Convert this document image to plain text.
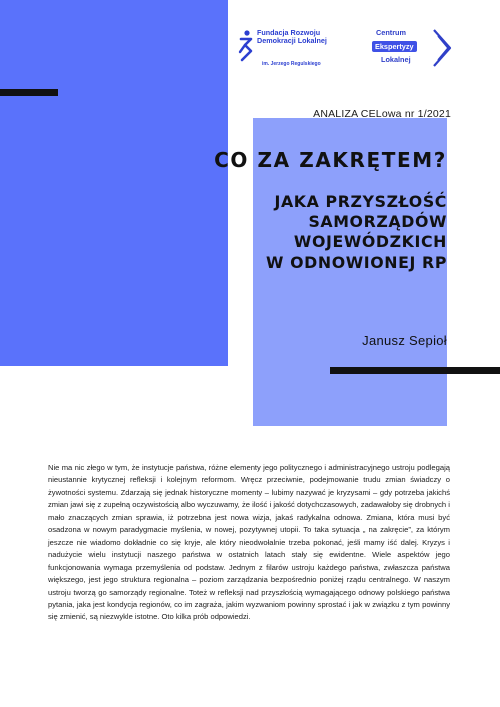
Fundacja Rozwoju
Demokracji Lokalnej
im. Jerzego Regulskiego
Centrum
Ekspertyzy
Lokalnej
ANALIZA CELowa nr 1/2021
CO ZA ZAKRĘTEM?
JAKA PRZYSZŁOŚĆ
SAMORZĄDÓW
WOJEWÓDZKICH
W ODNOWIONEJ RP
Janusz Sepioł
Nie ma nic złego w tym, że instytucje państwa, różne elementy jego politycznego i administracyjnego ustroju podlegają nieustannie krytycznej refleksji i kolejnym reformom. Wręcz przeciwnie, podejmowanie trudu zmian świadczy o żywotności systemu. Zdarzają się jednak historyczne momenty – lubimy nazywać je kryzysami – gdy potrzeba jakichś zmian jawi się z zupełną oczywistością albo wyczuwamy, że ilość i jakość dotychczasowych, zadawałoby się drobnych i mało znaczących zmian sprawia, iż potrzebna jest nowa wizja, jakaś radykalna odnowa. Zmiana, która musi być osadzona w nowym paradygmacie myślenia, w nowej, pozytywnej utopii. To taka sytuacja „ na zakręcie”, za którym jeszcze nie wiadomo dokładnie co się kryje, ale który nieodwołalnie trzeba pokonać, jeśli mamy iść dalej. Kryzys i nadużycie wielu instytucji naszego państwa w ostatnich latach stały się ewidentne. Wiele aspektów jego funkcjonowania wymaga przemyślenia od podstaw. Jednym z filarów ustroju każdego państwa, zwłaszcza państwa większego, jest jego struktura regionalna – poziom zarządzania bezpośrednio poniżej rządu centralnego. W naszym ustroju tworzą go samorządy regionalne. Toteż w refleksji nad przyszłością wymagającego odnowy polskiego państwa pytania, jaka jest kondycja regionów, co im zagraża, jakim wyzwaniom powinny sprostać i jak w związku z tym powinny się zmienić, są niezwykle istotne. Oto kilka prób odpowiedzi.
